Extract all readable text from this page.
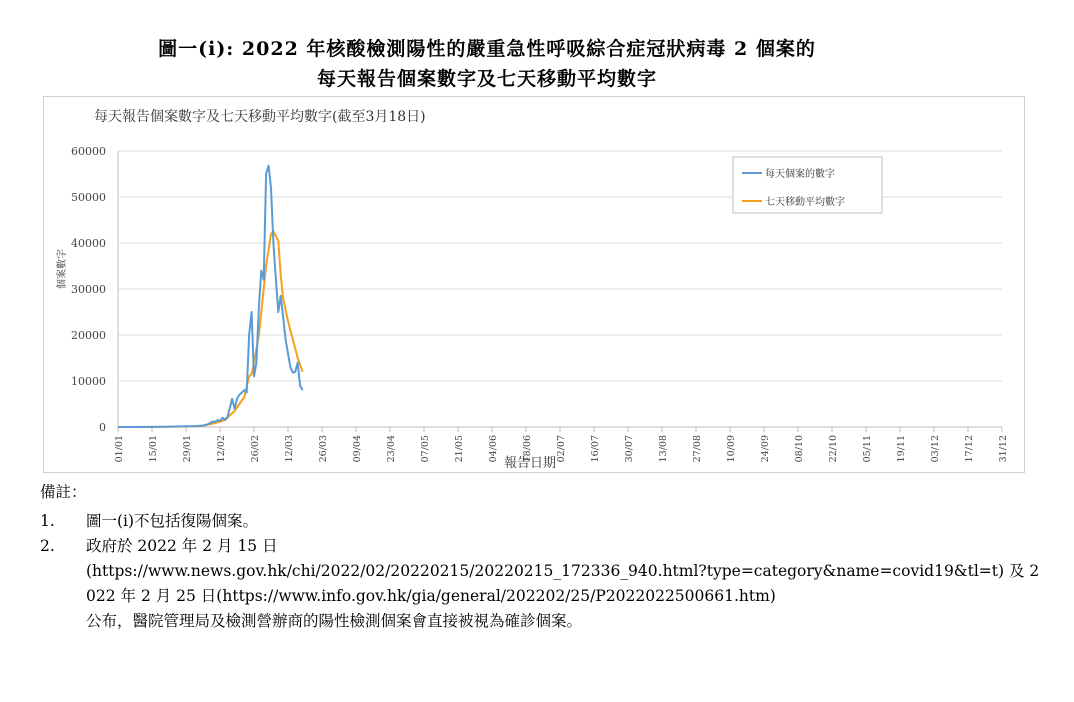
圖一(i): 2022 年核酸檢測陽性的嚴重急性呼吸綜合症冠狀病毒 2 個案的
每天報告個案數字及七天移動平均數字
每天報告個案數字及七天移動平均數字(截至3月18日)
0
10000
20000
30000
40000
50000
60000
01/01 15/01 29/01 12/02 26/02 12/03 26/03 09/04 23/04 07/05 21/05 04/06 18/06 02/07 16/07 30/07 13/08 27/08 10/09 24/09 08/10 22/10 05/11 19/11 03/12 17/12 31/12
報告日期
個案數字
每天個案的數字
七天移動平均數字
備註：
1.	圖一(i)不包括復陽個案。
2.	政府於 2022 年 2 月 15 日
(https://www.news.gov.hk/chi/2022/02/20220215/20220215_172336_940.html?type=category&name=covid19&tl=t) 及 2022 年 2 月 25 日(https://www.info.gov.hk/gia/general/202202/25/P2022022500661.htm)
公布，醫院管理局及檢測營辦商的陽性檢測個案會直接被視為確診個案。
